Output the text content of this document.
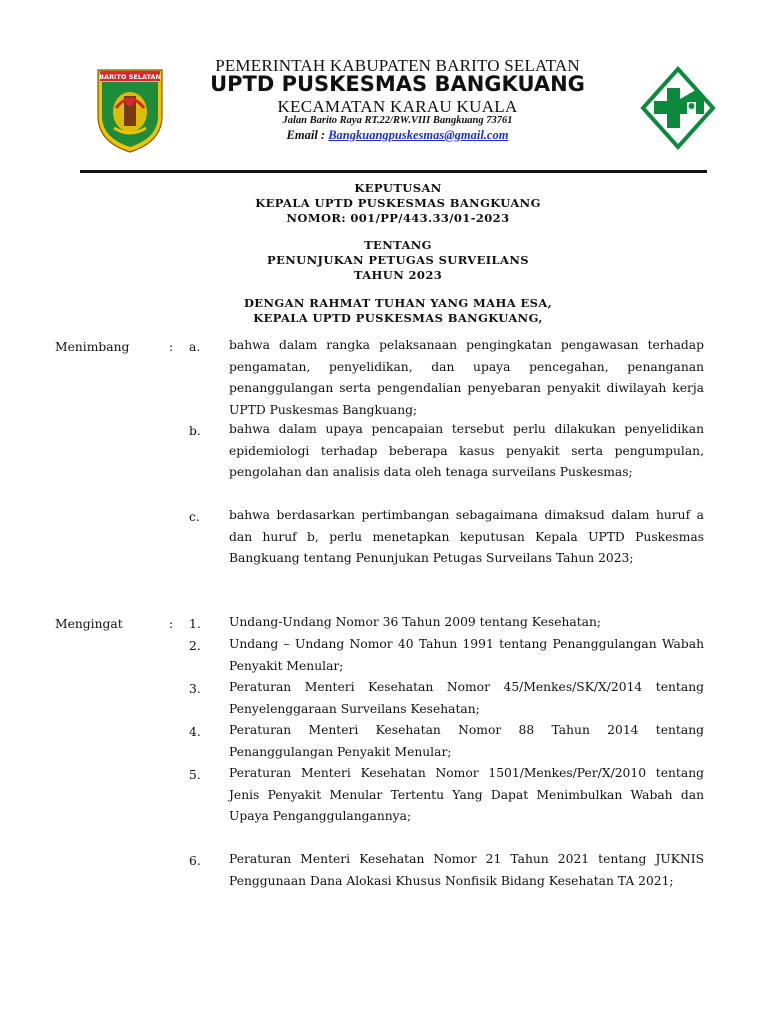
BARITO SELATAN
PEMERINTAH KABUPATEN BARITO SELATAN
UPTD PUSKESMAS BANGKUANG
KECAMATAN KARAU KUALA
Jalan Barito Raya RT.22/RW.VIII Bangkuang 73761
Email : Bangkuangpuskesmas@gmail.com
KEPUTUSAN
KEPALA UPTD PUSKESMAS BANGKUANG
NOMOR: 001/PP/443.33/01-2023
TENTANG
PENUNJUKAN PETUGAS SURVEILANS
TAHUN 2023
DENGAN RAHMAT TUHAN YANG MAHA ESA,
KEPALA UPTD PUSKESMAS BANGKUANG,
Menimbang	: a. bahwa dalam rangka pelaksanaan pengingkatan pengawasan terhadap pengamatan, penyelidikan, dan upaya pencegahan, penanganan penanggulangan serta pengendalian penyebaran penyakit diwilayah kerja UPTD Puskesmas Bangkuang;
b. bahwa dalam upaya pencapaian tersebut perlu dilakukan penyelidikan epidemiologi terhadap beberapa kasus penyakit serta pengumpulan, pengolahan dan analisis data oleh tenaga surveilans Puskesmas;
c. bahwa berdasarkan pertimbangan sebagaimana dimaksud dalam huruf a dan huruf b, perlu menetapkan keputusan Kepala UPTD Puskesmas Bangkuang tentang Penunjukan Petugas Surveilans Tahun 2023;
Mengingat	: 1. Undang-Undang Nomor 36 Tahun 2009 tentang Kesehatan;
2. Undang – Undang Nomor 40 Tahun 1991 tentang Penanggulangan Wabah Penyakit Menular;
3. Peraturan Menteri Kesehatan Nomor 45/Menkes/SK/X/2014 tentang Penyelenggaraan Surveilans Kesehatan;
4. Peraturan Menteri Kesehatan Nomor 88 Tahun 2014 tentang Penanggulangan Penyakit Menular;
5. Peraturan Menteri Kesehatan Nomor 1501/Menkes/Per/X/2010 tentang Jenis Penyakit Menular Tertentu Yang Dapat Menimbulkan Wabah dan Upaya Penganggulangannya;
6. Peraturan Menteri Kesehatan Nomor 21 Tahun 2021 tentang JUKNIS Penggunaan Dana Alokasi Khusus Nonfisik Bidang Kesehatan TA 2021;
